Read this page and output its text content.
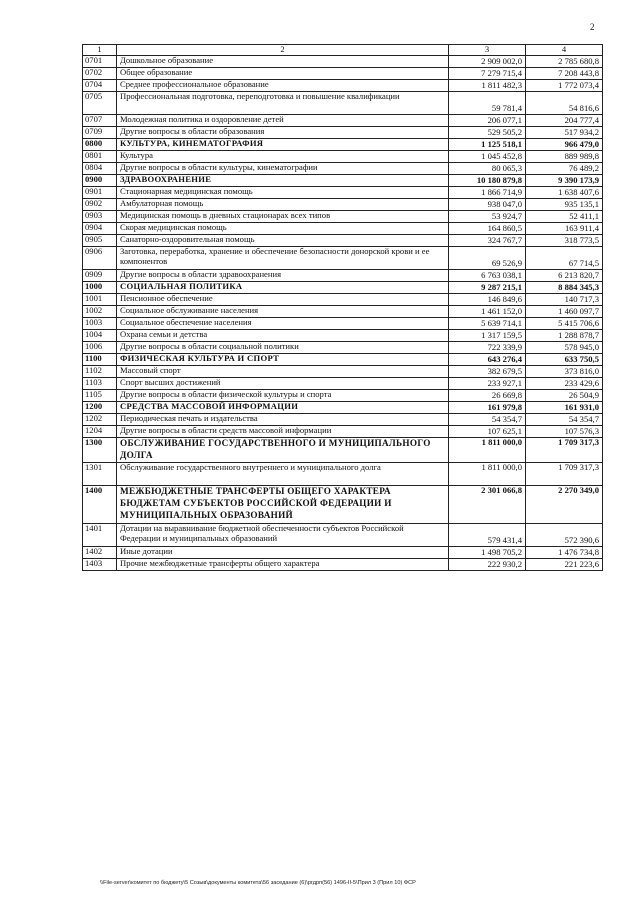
2
1	2	3	4
0701	Дошкольное образование	2 909 002,0	2 785 680,8
0702	Общее образование	7 279 715,4	7 208 443,8
0704	Среднее профессиональное образование	1 811 482,3	1 772 073,4
0705	Профессиональная подготовка, переподготовка и повышение квалификации	59 781,4	54 816,6
0707	Молодежная политика и оздоровление детей	206 077,1	204 777,4
0709	Другие вопросы в области образования	529 505,2	517 934,2
0800	КУЛЬТУРА, КИНЕМАТОГРАФИЯ	1 125 518,1	966 479,0
0801	Культура	1 045 452,8	889 989,8
0804	Другие вопросы в области культуры, кинематографии	80 065,3	76 489,2
0900	ЗДРАВООХРАНЕНИЕ	10 180 879,8	9 390 173,9
0901	Стационарная медицинская помощь	1 866 714,9	1 638 407,6
0902	Амбулаторная помощь	938 047,0	935 135,1
0903	Медицинская помощь в дневных стационарах всех типов	53 924,7	52 411,1
0904	Скорая медицинская помощь	164 860,5	163 911,4
0905	Санаторно-оздоровительная помощь	324 767,7	318 773,5
0906	Заготовка, переработка, хранение и обеспечение безопасности донорской крови и ее компонентов	69 526,9	67 714,5
0909	Другие вопросы в области здравоохранения	6 763 038,1	6 213 820,7
1000	СОЦИАЛЬНАЯ ПОЛИТИКА	9 287 215,1	8 884 345,3
1001	Пенсионное обеспечение	146 849,6	140 717,3
1002	Социальное обслуживание населения	1 461 152,0	1 460 097,7
1003	Социальное обеспечение населения	5 639 714,1	5 415 706,6
1004	Охрана семьи и детства	1 317 159,5	1 288 878,7
1006	Другие вопросы в области социальной политики	722 339,9	578 945,0
1100	ФИЗИЧЕСКАЯ КУЛЬТУРА И СПОРТ	643 276,4	633 750,5
1102	Массовый спорт	382 679,5	373 816,0
1103	Спорт высших достижений	233 927,1	233 429,6
1105	Другие вопросы в области физической культуры и спорта	26 669,8	26 504,9
1200	СРЕДСТВА МАССОВОЙ ИНФОРМАЦИИ	161 979,8	161 931,0
1202	Периодическая печать и издательства	54 354,7	54 354,7
1204	Другие вопросы в области средств массовой информации	107 625,1	107 576,3
1300	ОБСЛУЖИВАНИЕ ГОСУДАРСТВЕННОГО И МУНИЦИПАЛЬНОГО ДОЛГА	1 811 000,0	1 709 317,3
1301	Обслуживание государственного внутреннего и муниципального долга	1 811 000,0	1 709 317,3
1400	МЕЖБЮДЖЕТНЫЕ ТРАНСФЕРТЫ ОБЩЕГО ХАРАКТЕРА БЮДЖЕТАМ СУБЪЕКТОВ РОССИЙСКОЙ ФЕДЕРАЦИИ И МУНИЦИПАЛЬНЫХ ОБРАЗОВАНИЙ	2 301 066,8	2 270 349,0
1401	Дотации на выравнивание бюджетной обеспеченности субъектов Российской Федерации и муниципальных образований	579 431,4	572 390,6
1402	Иные дотации	1 498 705,2	1 476 734,8
1403	Прочие межбюджетные трансферты общего характера	222 930,2	221 223,6
\\File-server\комитет по бюджету\5 Созыв\документы комитета\56 заседание (6)\ргдрп(56) 1496-II-5\Прил 3 (Прил 10) ФСР
